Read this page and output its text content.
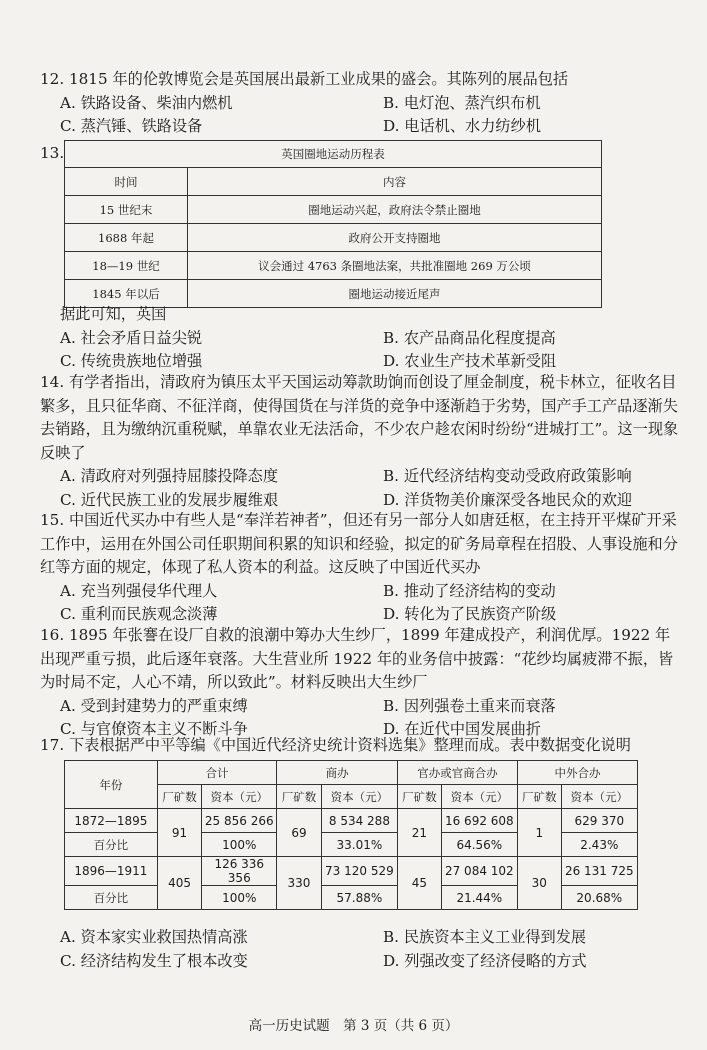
12. 1815 年的伦敦博览会是英国展出最新工业成果的盛会。其陈列的展品包括
A. 铁路设备、柴油内燃机	B. 电灯泡、蒸汽织布机
C. 蒸汽锤、铁路设备	D. 电话机、水力纺纱机
13.	英国圈地运动历程表	
时间	内容
15 世纪末	圈地运动兴起，政府法令禁止圈地
1688 年起	政府公开支持圈地
18—19 世纪	议会通过 4763 条圈地法案，共批准圈地 269 万公顷
1845 年以后	圈地运动接近尾声
据此可知，英国
A. 社会矛盾日益尖锐	B. 农产品商品化程度提高
C. 传统贵族地位增强	D. 农业生产技术革新受阻
14. 有学者指出，清政府为镇压太平天国运动筹款助饷而创设了厘金制度，税卡林立，征收名目繁多，且只征华商、不征洋商，使得国货在与洋货的竞争中逐渐趋于劣势，国产手工产品逐渐失去销路，且为缴纳沉重税赋，单靠农业无法活命，不少农户趁农闲时纷纷“进城打工”。这一现象反映了
A. 清政府对列强持屈膝投降态度	B. 近代经济结构变动受政府政策影响
C. 近代民族工业的发展步履维艰	D. 洋货物美价廉深受各地民众的欢迎
15. 中国近代买办中有些人是“奉洋若神者”，但还有另一部分人如唐廷枢，在主持开平煤矿开采工作中，运用在外国公司任职期间积累的知识和经验，拟定的矿务局章程在招股、人事设施和分红等方面的规定，体现了私人资本的利益。这反映了中国近代买办
A. 充当列强侵华代理人	B. 推动了经济结构的变动
C. 重利而民族观念淡薄	D. 转化为了民族资产阶级
16. 1895 年张謇在设厂自救的浪潮中筹办大生纱厂，1899 年建成投产，利润优厚。1922 年出现严重亏损，此后逐年衰落。大生营业所 1922 年的业务信中披露：“花纱均属疲滞不振，皆为时局不定，人心不靖，所以致此”。材料反映出大生纱厂
A. 受到封建势力的严重束缚	B. 因列强卷土重来而衰落
C. 与官僚资本主义不断斗争	D. 在近代中国发展曲折
17. 下表根据严中平等编《中国近代经济史统计资料选集》整理而成。表中数据变化说明
年份	合计		商办		官办或官商合办		中外合办	
	厂矿数	资本（元）	厂矿数	资本（元）	厂矿数	资本（元）	厂矿数	资本（元）
1872—1895	91	25 856 266	69	8 534 288	21	16 692 608	1	629 370
百分比		100%		33.01%		64.56%		2.43%
1896—1911	405	126 336 356	330	73 120 529	45	27 084 102	30	26 131 725
百分比		100%		57.88%		21.44%		20.68%
A. 资本家实业救国热情高涨	B. 民族资本主义工业得到发展
C. 经济结构发生了根本改变	D. 列强改变了经济侵略的方式
高一历史试题　第 3 页（共 6 页）
